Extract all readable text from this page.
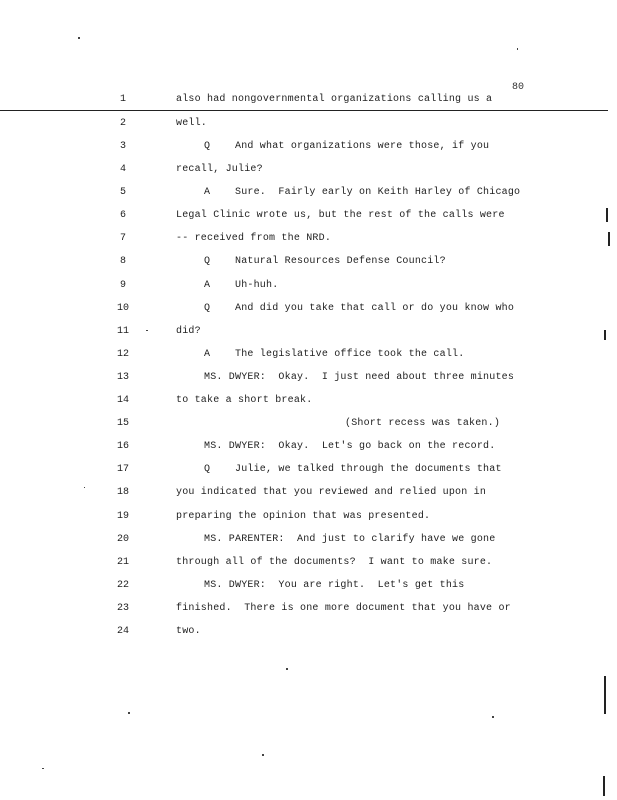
80
1
2
3
4
5
6
7
8
9
10
11
12
13
14
15
16
17
18
19
20
21
22
23
24
also had nongovernmental organizations calling us a
well.
Q    And what organizations were those, if you
recall, Julie?
A    Sure.  Fairly early on Keith Harley of Chicago
Legal Clinic wrote us, but the rest of the calls were
-- received from the NRD.
Q    Natural Resources Defense Council?
A    Uh-huh.
Q    And did you take that call or do you know who
did?
A    The legislative office took the call.
MS. DWYER:  Okay.  I just need about three minutes
to take a short break.
(Short recess was taken.)
MS. DWYER:  Okay.  Let's go back on the record.
Q    Julie, we talked through the documents that
you indicated that you reviewed and relied upon in
preparing the opinion that was presented.
MS. PARENTER:  And just to clarify have we gone
through all of the documents?  I want to make sure.
MS. DWYER:  You are right.  Let's get this
finished.  There is one more document that you have or
two.
